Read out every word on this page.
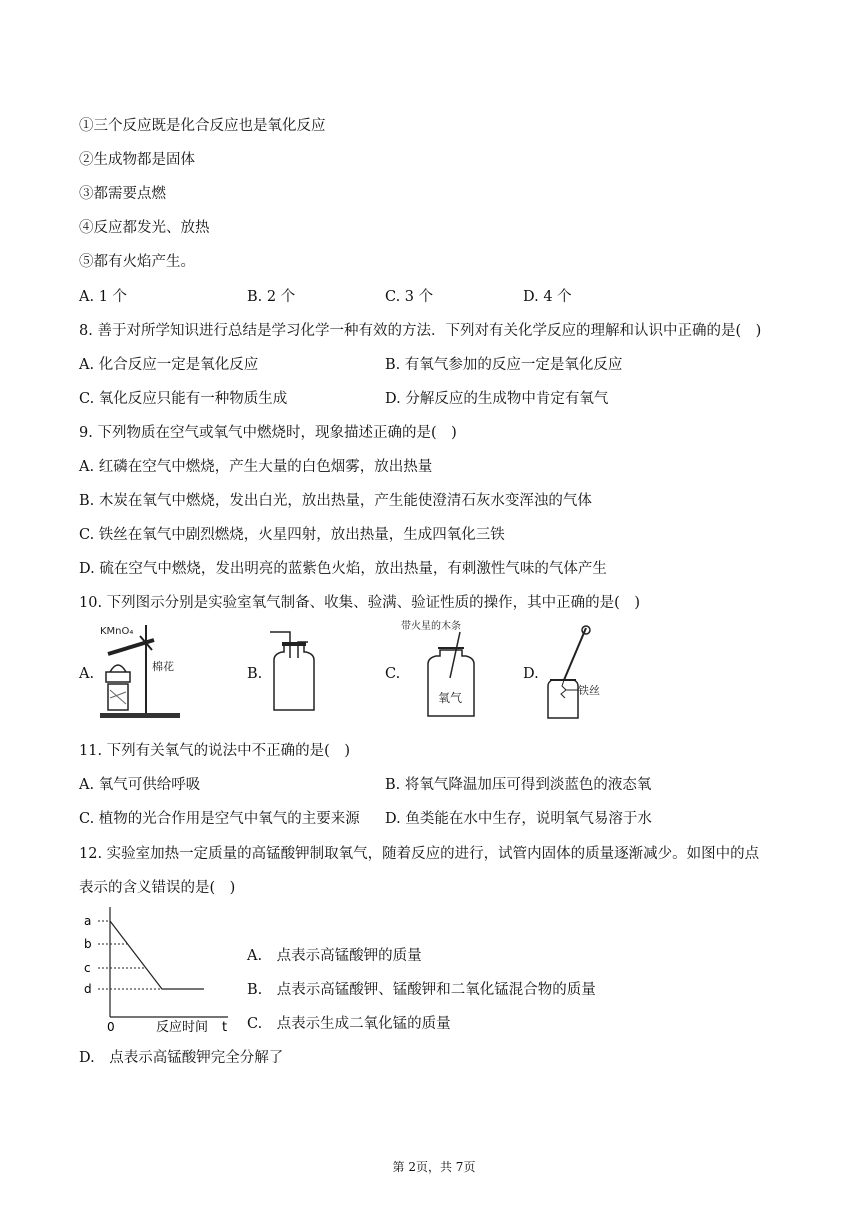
①三个反应既是化合反应也是氧化反应
②生成物都是固体
③都需要点燃
④反应都发光、放热
⑤都有火焰产生。
A. 1 个	B. 2 个	C. 3 个	D. 4 个
8. 善于对所学知识进行总结是学习化学一种有效的方法．下列对有关化学反应的理解和认识中正确的是(　)
A. 化合反应一定是氧化反应	B. 有氧气参加的反应一定是氧化反应
C. 氧化反应只能有一种物质生成	D. 分解反应的生成物中肯定有氧气
9. 下列物质在空气或氧气中燃烧时，现象描述正确的是(　)
A. 红磷在空气中燃烧，产生大量的白色烟雾，放出热量
B. 木炭在氧气中燃烧，发出白光，放出热量，产生能使澄清石灰水变浑浊的气体
C. 铁丝在氧气中剧烈燃烧，火星四射，放出热量，生成四氧化三铁
D. 硫在空气中燃烧，发出明亮的蓝紫色火焰，放出热量，有刺激性气味的气体产生
10. 下列图示分别是实验室氧气制备、收集、验满、验证性质的操作，其中正确的是(　)
A.	B.	C.	D.
KMnO₄
棉花
带火星的木条
氧气
铁丝
11. 下列有关氧气的说法中不正确的是(　)
A. 氧气可供给呼吸	B. 将氧气降温加压可得到淡蓝色的液态氧
C. 植物的光合作用是空气中氧气的主要来源 D. 鱼类能在水中生存，说明氧气易溶于水
12. 实验室加热一定质量的高锰酸钾制取氧气，随着反应的进行，试管内固体的质量逐渐减少。如图中的点
表示的含义错误的是(　)
a
b
c
d
0	反应时间 t
A.　点表示高锰酸钾的质量
B.　点表示高锰酸钾、锰酸钾和二氧化锰混合物的质量
C.　点表示生成二氧化锰的质量
D.　点表示高锰酸钾完全分解了
第 2页，共 7页
